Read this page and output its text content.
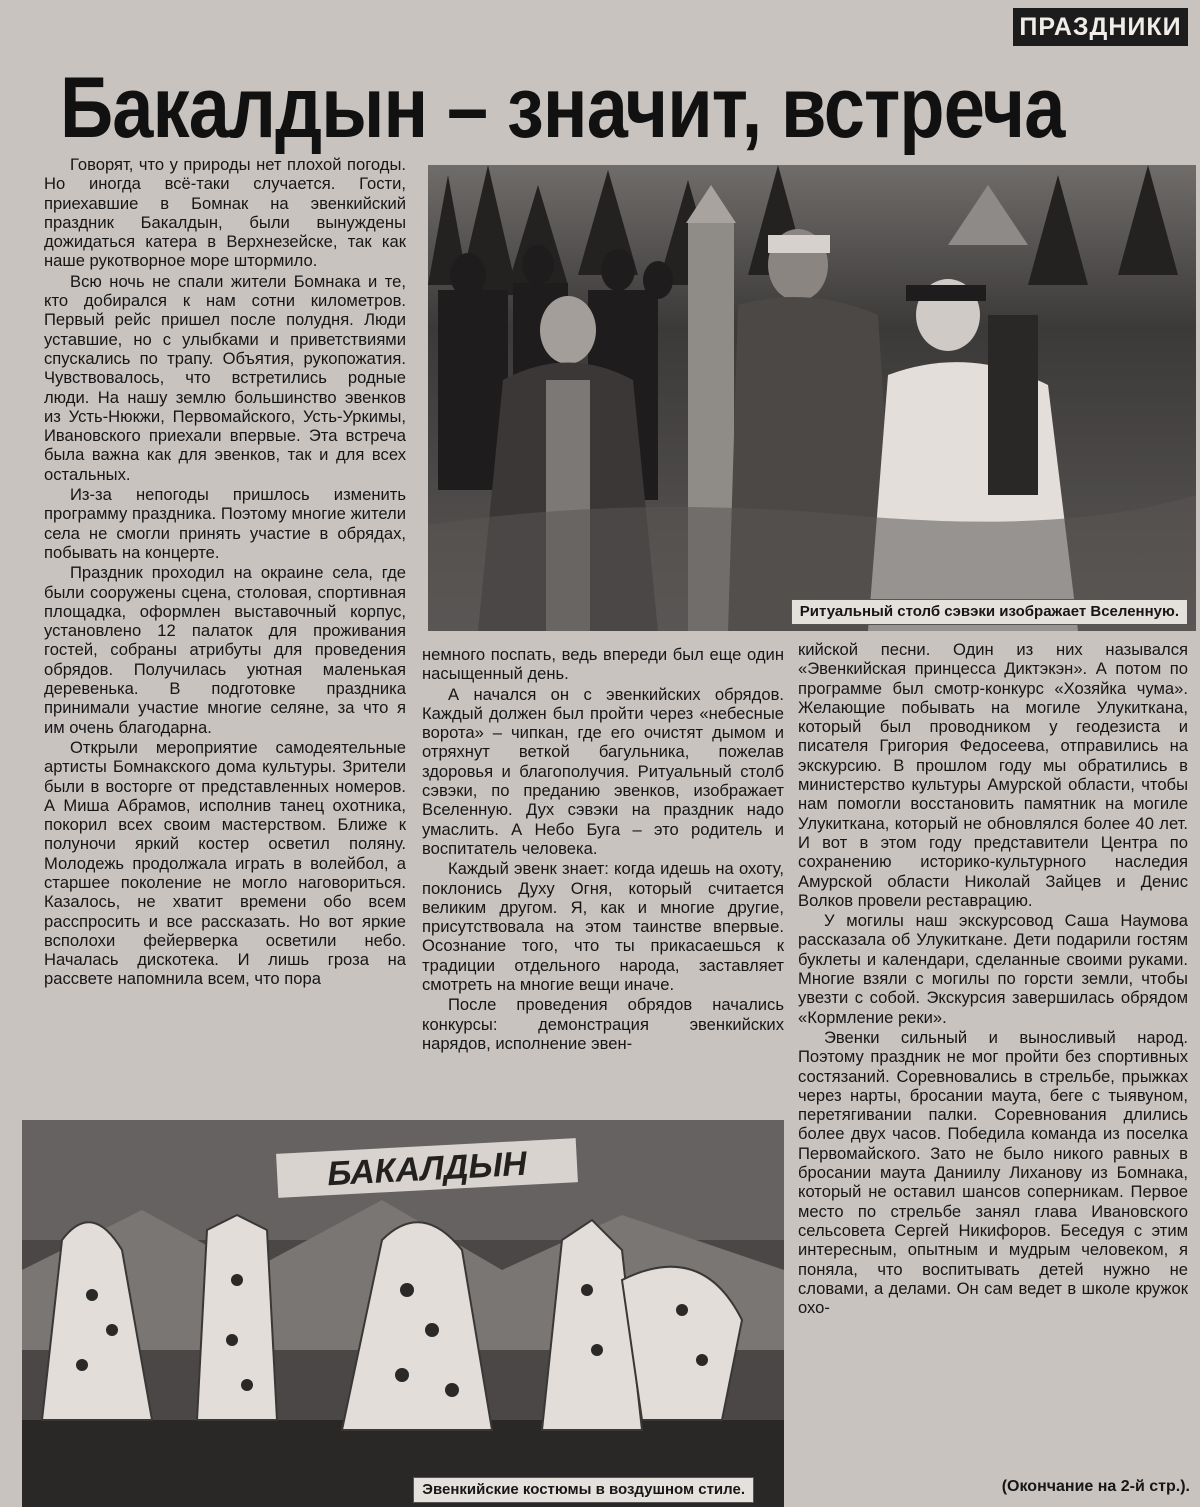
ПРАЗДНИКИ
Бакалдын – значит, встреча

Говорят, что у природы нет плохой погоды. Но иногда всё-таки случается. Гости, приехавшие в Бомнак на эвенкийский праздник Бакалдын, были вынуждены дожидаться катера в Верхнезейске, так как наше рукотворное море штормило.

Всю ночь не спали жители Бомнака и те, кто добирался к нам сотни километров. Первый рейс пришел после полудня. Люди уставшие, но с улыбками и приветствиями спускались по трапу. Объятия, рукопожатия. Чувствовалось, что встретились родные люди. На нашу землю большинство эвенков из Усть-Нюкжи, Первомайского, Усть-Уркимы, Ивановского приехали впервые. Эта встреча была важна как для эвенков, так и для всех остальных.

Из-за непогоды пришлось изменить программу праздника. Поэтому многие жители села не смогли принять участие в обрядах, побывать на концерте.

Праздник проходил на окраине села, где были сооружены сцена, столовая, спортивная площадка, оформлен выставочный корпус, установлено 12 палаток для проживания гостей, собраны атрибуты для проведения обрядов. Получилась уютная маленькая деревенька. В подготовке праздника принимали участие многие селяне, за что я им очень благодарна.

Открыли мероприятие самодеятельные артисты Бомнакского дома культуры. Зрители были в восторге от представленных номеров. А Миша Абрамов, исполнив танец охотника, покорил всех своим мастерством. Ближе к полуночи яркий костер осветил поляну. Молодежь продолжала играть в волейбол, а старшее поколение не могло наговориться. Казалось, не хватит времени обо всем расспросить и все рассказать. Но вот яркие всполохи фейерверка осветили небо. Началась дискотека. И лишь гроза на рассвете напомнила всем, что пора

Ритуальный столб сэвэки изображает Вселенную.

немного поспать, ведь впереди был еще один насыщенный день.

А начался он с эвенкийских обрядов. Каждый должен был пройти через «небесные ворота» – чипкан, где его очистят дымом и отряхнут веткой багульника, пожелав здоровья и благополучия. Ритуальный столб сэвэки, по преданию эвенков, изображает Вселенную. Дух сэвэки на праздник надо умаслить. А Небо Буга – это родитель и воспитатель человека.

Каждый эвенк знает: когда идешь на охоту, поклонись Духу Огня, который считается великим другом. Я, как и многие другие, присутствовала на этом таинстве впервые. Осознание того, что ты прикасаешься к традиции отдельного народа, заставляет смотреть на многие вещи иначе.

После проведения обрядов начались конкурсы: демонстрация эвенкийских нарядов, исполнение эвен-

кийской песни. Один из них назывался «Эвенкийская принцесса Диктэкэн». А потом по программе был смотр-конкурс «Хозяйка чума». Желающие побывать на могиле Улукиткана, который был проводником у геодезиста и писателя Григория Федосеева, отправились на экскурсию. В прошлом году мы обратились в министерство культуры Амурской области, чтобы нам помогли восстановить памятник на могиле Улукиткана, который не обновлялся более 40 лет. И вот в этом году представители Центра по сохранению историко-культурного наследия Амурской области Николай Зайцев и Денис Волков провели реставрацию.

У могилы наш экскурсовод Саша Наумова рассказала об Улукиткане. Дети подарили гостям буклеты и календари, сделанные своими руками. Многие взяли с могилы по горсти земли, чтобы увезти с собой. Экскурсия завершилась обрядом «Кормление реки».

Эвенки сильный и выносливый народ. Поэтому праздник не мог пройти без спортивных состязаний. Соревновались в стрельбе, прыжках через нарты, бросании маута, беге с тыявуном, перетягивании палки. Соревнования длились более двух часов. Победила команда из поселка Первомайского. Зато не было никого равных в бросании маута Даниилу Лиханову из Бомнака, который не оставил шансов соперникам. Первое место по стрельбе занял глава Ивановского сельсовета Сергей Никифоров. Беседуя с этим интересным, опытным и мудрым человеком, я поняла, что воспитывать детей нужно не словами, а делами. Он сам ведет в школе кружок охо-

БАКАЛДЫН
Эвенкийские костюмы в воздушном стиле.	(Окончание на 2-й стр.).
